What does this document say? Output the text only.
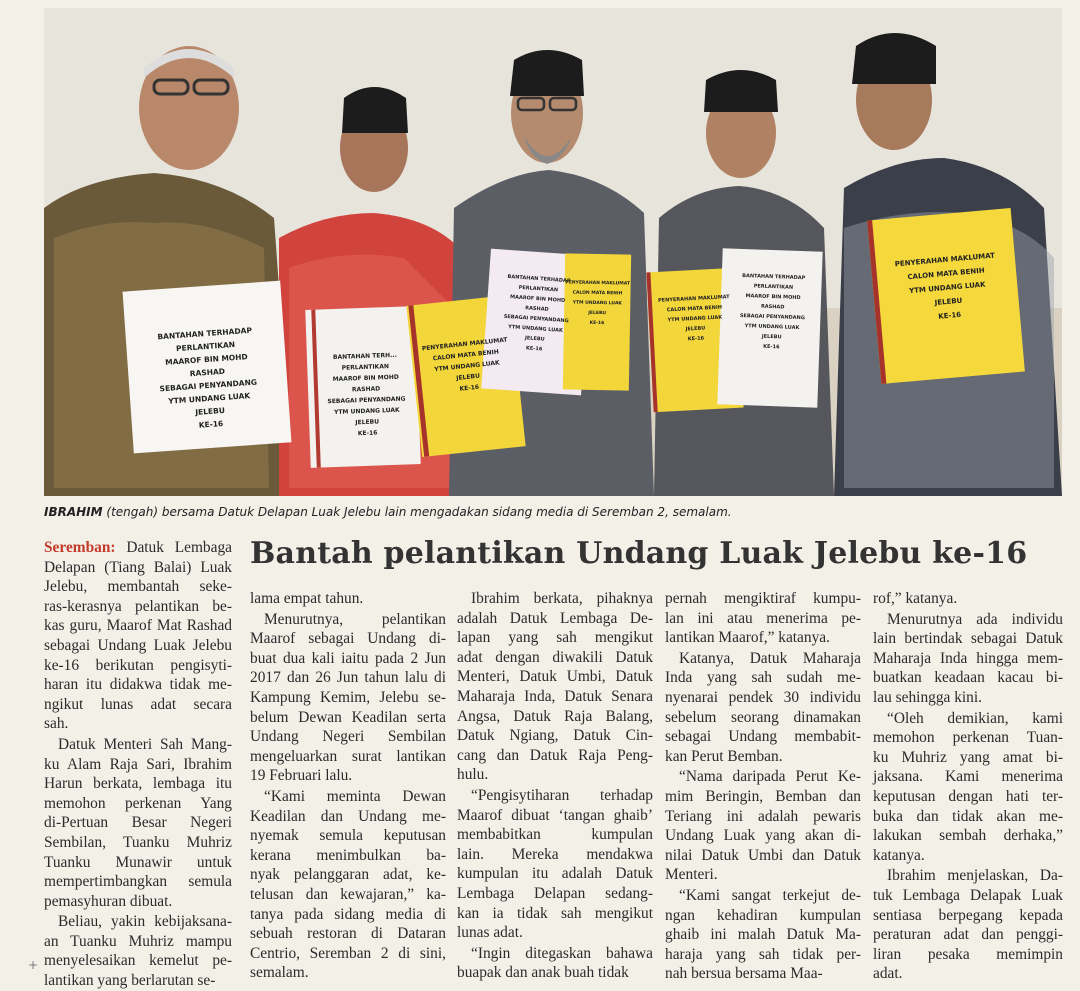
BANTAHAN TERHADAP
PERLANTIKAN
MAAROF BIN MOHD
RASHAD
SEBAGAI PENYANDANG
YTM UNDANG LUAK
JELEBU
KE-16
BANTAHAN TERH...
PERLANTIKAN
MAAROF BIN MOHD
RASHAD
SEBAGAI PENYANDANG
YTM UNDANG LUAK
JELEBU
KE-16
PENYERAHAN MAKLUMAT
CALON MATA BENIH
YTM UNDANG LUAK
JELEBU
KE-16
BANTAHAN TERHADAP
PERLANTIKAN
MAAROF BIN MOHD
RASHAD
SEBAGAI PENYANDANG
YTM UNDANG LUAK
JELEBU
KE-16
PENYERAHAN MAKLUMAT
CALON MATA BENIH
YTM UNDANG LUAK
JELEBU
KE-16
PENYERAHAN MAKLUMAT
CALON MATA BENIH
YTM UNDANG LUAK
JELEBU
KE-16
BANTAHAN TERHADAP
PERLANTIKAN
MAAROF BIN MOHD
RASHAD
SEBAGAI PENYANDANG
YTM UNDANG LUAK
JELEBU
KE-16
PENYERAHAN MAKLUMAT
CALON MATA BENIH
YTM UNDANG LUAK
JELEBU
KE-16
IBRAHIM (tengah) bersama Datuk Delapan Luak Jelebu lain mengadakan sidang media di Seremban 2, semalam.
Bantah pelantikan Undang Luak Jelebu ke-16

Seremban: Datuk Lembaga
Delapan (Tiang Balai) Luak
Jelebu, membantah seke-
ras-kerasnya pelantikan be-
kas guru, Maarof Mat Rashad
sebagai Undang Luak Jelebu
ke-16 berikutan pengisyti-
haran itu didakwa tidak me-
ngikut lunas adat secara
sah.

Datuk Menteri Sah Mang-
ku Alam Raja Sari, Ibrahim
Harun berkata, lembaga itu
memohon perkenan Yang
di-Pertuan Besar Negeri
Sembilan, Tuanku Muhriz
Tuanku Munawir untuk
mempertimbangkan semula
pemasyhuran dibuat.

Beliau, yakin kebijaksana-
an Tuanku Muhriz mampu
menyelesaikan kemelut pe-
lantikan yang berlarutan se-

lama empat tahun.

Menurutnya, pelantikan
Maarof sebagai Undang di-
buat dua kali iaitu pada 2 Jun
2017 dan 26 Jun tahun lalu di
Kampung Kemim, Jelebu se-
belum Dewan Keadilan serta
Undang Negeri Sembilan
mengeluarkan surat lantikan
19 Februari lalu.

“Kami meminta Dewan
Keadilan dan Undang me-
nyemak semula keputusan
kerana menimbulkan ba-
nyak pelanggaran adat, ke-
telusan dan kewajaran,” ka-
tanya pada sidang media di
sebuah restoran di Dataran
Centrio, Seremban 2 di sini,
semalam.

Ibrahim berkata, pihaknya
adalah Datuk Lembaga De-
lapan yang sah mengikut
adat dengan diwakili Datuk
Menteri, Datuk Umbi, Datuk
Maharaja Inda, Datuk Senara
Angsa, Datuk Raja Balang,
Datuk Ngiang, Datuk Cin-
cang dan Datuk Raja Peng-
hulu.

“Pengisytiharan terhadap
Maarof dibuat ‘tangan ghaib’
membabitkan kumpulan
lain. Mereka mendakwa
kumpulan itu adalah Datuk
Lembaga Delapan sedang-
kan ia tidak sah mengikut
lunas adat.

“Ingin ditegaskan bahawa
buapak dan anak buah tidak

pernah mengiktiraf kumpu-
lan ini atau menerima pe-
lantikan Maarof,” katanya.

Katanya, Datuk Maharaja
Inda yang sah sudah me-
nyenarai pendek 30 individu
sebelum seorang dinamakan
sebagai Undang membabit-
kan Perut Bemban.

“Nama daripada Perut Ke-
mim Beringin, Bemban dan
Teriang ini adalah pewaris
Undang Luak yang akan di-
nilai Datuk Umbi dan Datuk
Menteri.

“Kami sangat terkejut de-
ngan kehadiran kumpulan
ghaib ini malah Datuk Ma-
haraja yang sah tidak per-
nah bersua bersama Maa-

rof,” katanya.

Menurutnya ada individu
lain bertindak sebagai Datuk
Maharaja Inda hingga mem-
buatkan keadaan kacau bi-
lau sehingga kini.

“Oleh demikian, kami
memohon perkenan Tuan-
ku Muhriz yang amat bi-
jaksana. Kami menerima
keputusan dengan hati ter-
buka dan tidak akan me-
lakukan sembah derhaka,”
katanya.

Ibrahim menjelaskan, Da-
tuk Lembaga Delapak Luak
sentiasa berpegang kepada
peraturan adat dan penggi-
liran pesaka memimpin
adat.

+
